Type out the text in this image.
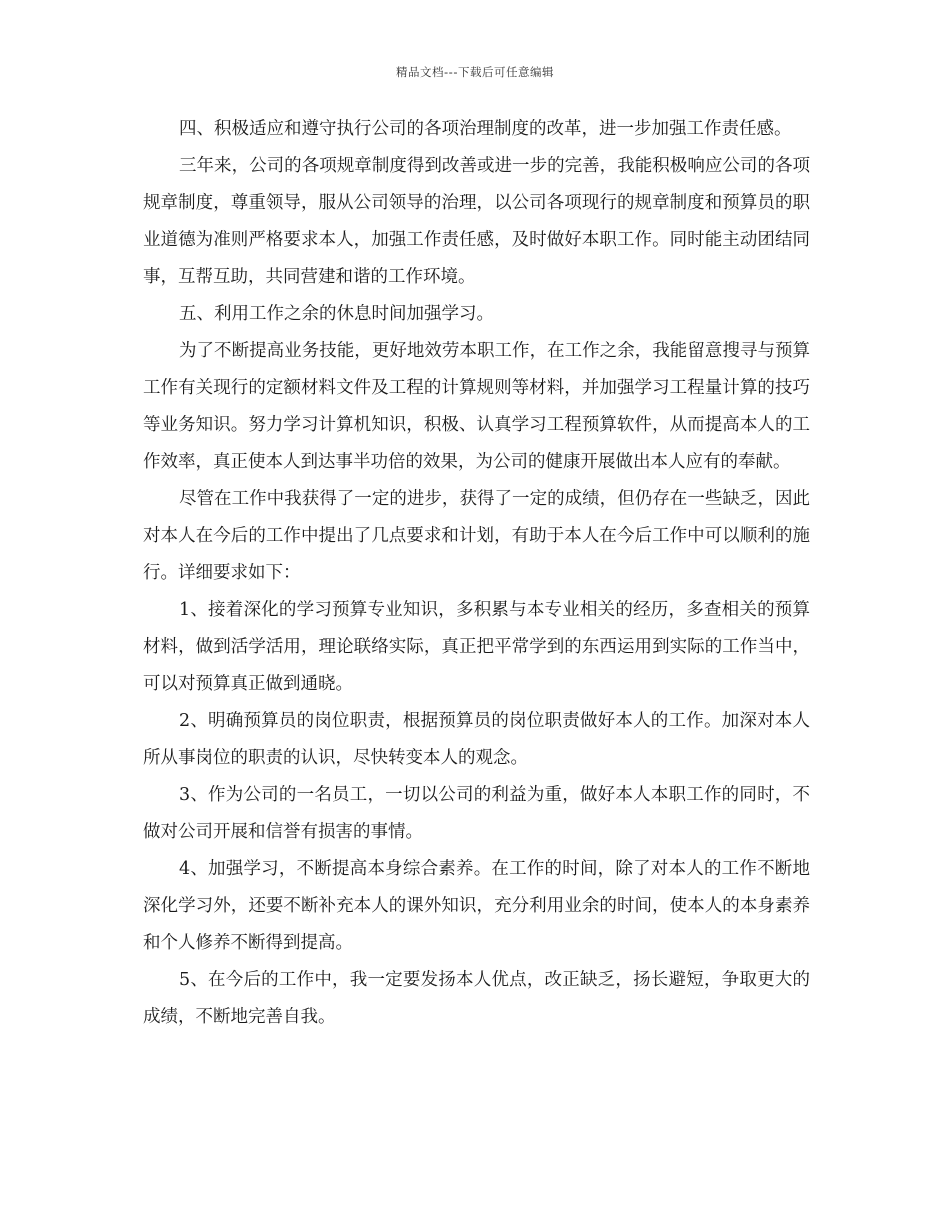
精品文档---下载后可任意编辑

四、积极适应和遵守执行公司的各项治理制度的改革，进一步加强工作责任感。

三年来，公司的各项规章制度得到改善或进一步的完善，我能积极响应公司的各项规章制度，尊重领导，服从公司领导的治理，以公司各项现行的规章制度和预算员的职业道德为准则严格要求本人，加强工作责任感，及时做好本职工作。同时能主动团结同事，互帮互助，共同营建和谐的工作环境。

五、利用工作之余的休息时间加强学习。

为了不断提高业务技能，更好地效劳本职工作，在工作之余，我能留意搜寻与预算工作有关现行的定额材料文件及工程的计算规则等材料，并加强学习工程量计算的技巧等业务知识。努力学习计算机知识，积极、认真学习工程预算软件，从而提高本人的工作效率，真正使本人到达事半功倍的效果，为公司的健康开展做出本人应有的奉献。

尽管在工作中我获得了一定的进步，获得了一定的成绩，但仍存在一些缺乏，因此对本人在今后的工作中提出了几点要求和计划，有助于本人在今后工作中可以顺利的施行。详细要求如下：

1、接着深化的学习预算专业知识，多积累与本专业相关的经历，多查相关的预算材料，做到活学活用，理论联络实际，真正把平常学到的东西运用到实际的工作当中，可以对预算真正做到通晓。

2、明确预算员的岗位职责，根据预算员的岗位职责做好本人的工作。加深对本人所从事岗位的职责的认识，尽快转变本人的观念。

3、作为公司的一名员工，一切以公司的利益为重，做好本人本职工作的同时，不做对公司开展和信誉有损害的事情。

4、加强学习，不断提高本身综合素养。在工作的时间，除了对本人的工作不断地深化学习外，还要不断补充本人的课外知识，充分利用业余的时间，使本人的本身素养和个人修养不断得到提高。

5、在今后的工作中，我一定要发扬本人优点，改正缺乏，扬长避短，争取更大的成绩，不断地完善自我。
